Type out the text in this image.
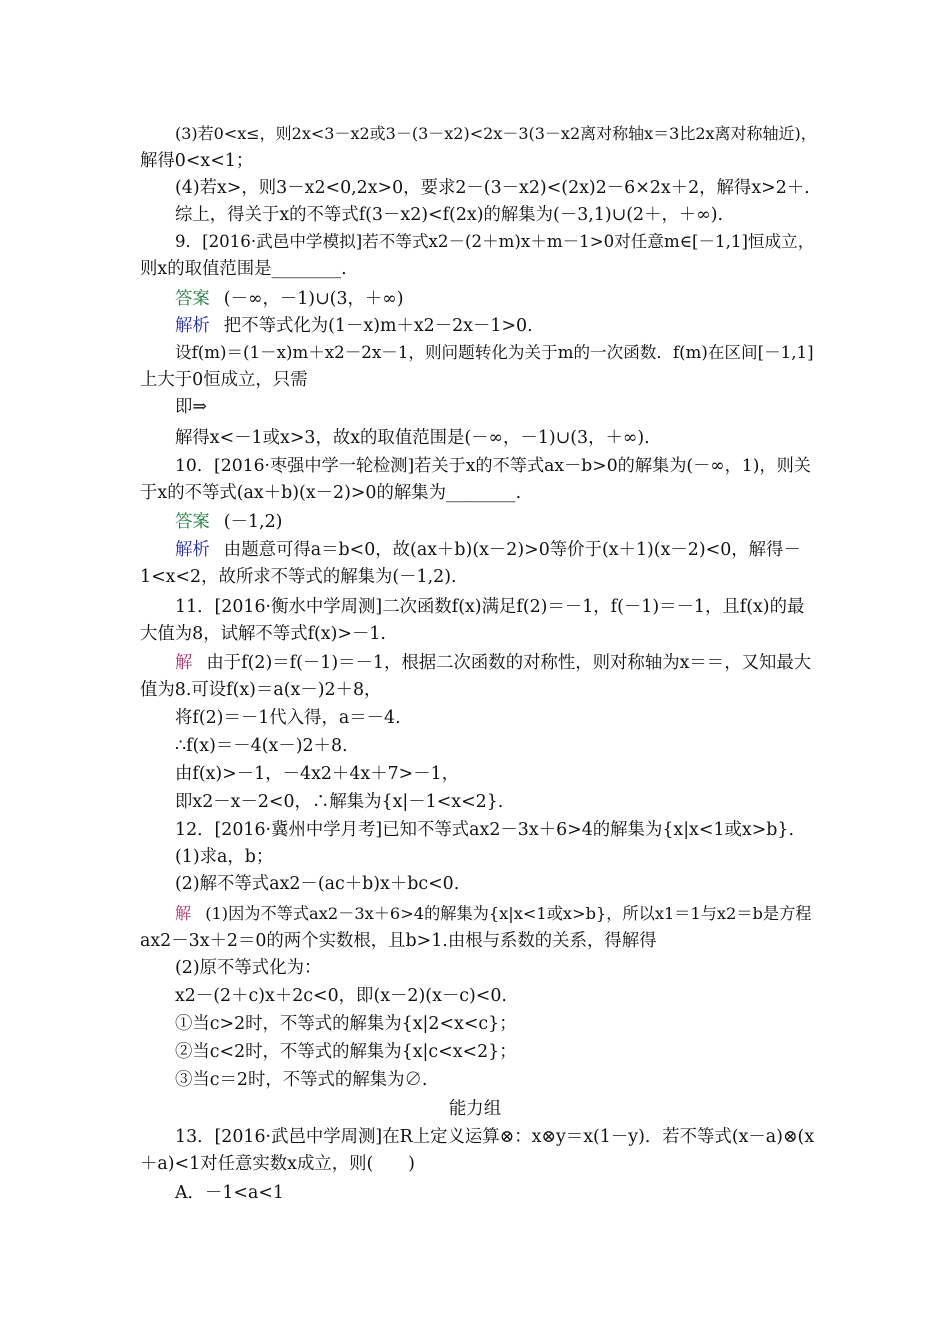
(3)若0<x≤，则2x<3－x2或3－(3－x2)<2x－3(3－x2离对称轴x＝3比2x离对称轴近)，
解得0<x<1；
(4)若x>，则3－x2<0,2x>0，要求2－(3－x2)<(2x)2－6×2x＋2，解得x>2＋.
综上，得关于x的不等式f(3－x2)<f(2x)的解集为(－3,1)∪(2＋，＋∞).
9．[2016·武邑中学模拟]若不等式x2－(2＋m)x＋m－1>0对任意m∈[－1,1]恒成立，
则x的取值范围是________.
答案 (－∞，－1)∪(3，＋∞)
解析 把不等式化为(1－x)m＋x2－2x－1>0.
设f(m)＝(1－x)m＋x2－2x－1，则问题转化为关于m的一次函数．f(m)在区间[－1,1]
上大于0恒成立，只需
即⇒
解得x<－1或x>3，故x的取值范围是(－∞，－1)∪(3，＋∞).
10．[2016·枣强中学一轮检测]若关于x的不等式ax－b>0的解集为(－∞，1)，则关
于x的不等式(ax＋b)(x－2)>0的解集为________.
答案 (－1,2)
解析 由题意可得a＝b<0，故(ax＋b)(x－2)>0等价于(x＋1)(x－2)<0，解得－
1<x<2，故所求不等式的解集为(－1,2).
11．[2016·衡水中学周测]二次函数f(x)满足f(2)＝－1，f(－1)＝－1，且f(x)的最
大值为8，试解不等式f(x)>－1.
解 由于f(2)＝f(－1)＝－1，根据二次函数的对称性，则对称轴为x＝＝，又知最大
值为8.可设f(x)＝a(x－)2＋8，
将f(2)＝－1代入得，a＝－4.
∴f(x)＝－4(x－)2＋8.
由f(x)>－1，－4x2＋4x＋7>－1，
即x2－x－2<0，∴解集为{x|－1<x<2}.
12．[2016·冀州中学月考]已知不等式ax2－3x＋6>4的解集为{x|x<1或x>b}.
(1)求a，b；
(2)解不等式ax2－(ac＋b)x＋bc<0.
解 (1)因为不等式ax2－3x＋6>4的解集为{x|x<1或x>b}，所以x1＝1与x2＝b是方程
ax2－3x＋2＝0的两个实数根，且b>1.由根与系数的关系，得解得
(2)原不等式化为：
x2－(2＋c)x＋2c<0，即(x－2)(x－c)<0.
①当c>2时，不等式的解集为{x|2<x<c}；
②当c<2时，不等式的解集为{x|c<x<2}；
③当c＝2时，不等式的解集为∅.
能力组
13．[2016·武邑中学周测]在R上定义运算⊗：x⊗y＝x(1－y)．若不等式(x－a)⊗(x
＋a)<1对任意实数x成立，则(　　)
A．－1<a<1
